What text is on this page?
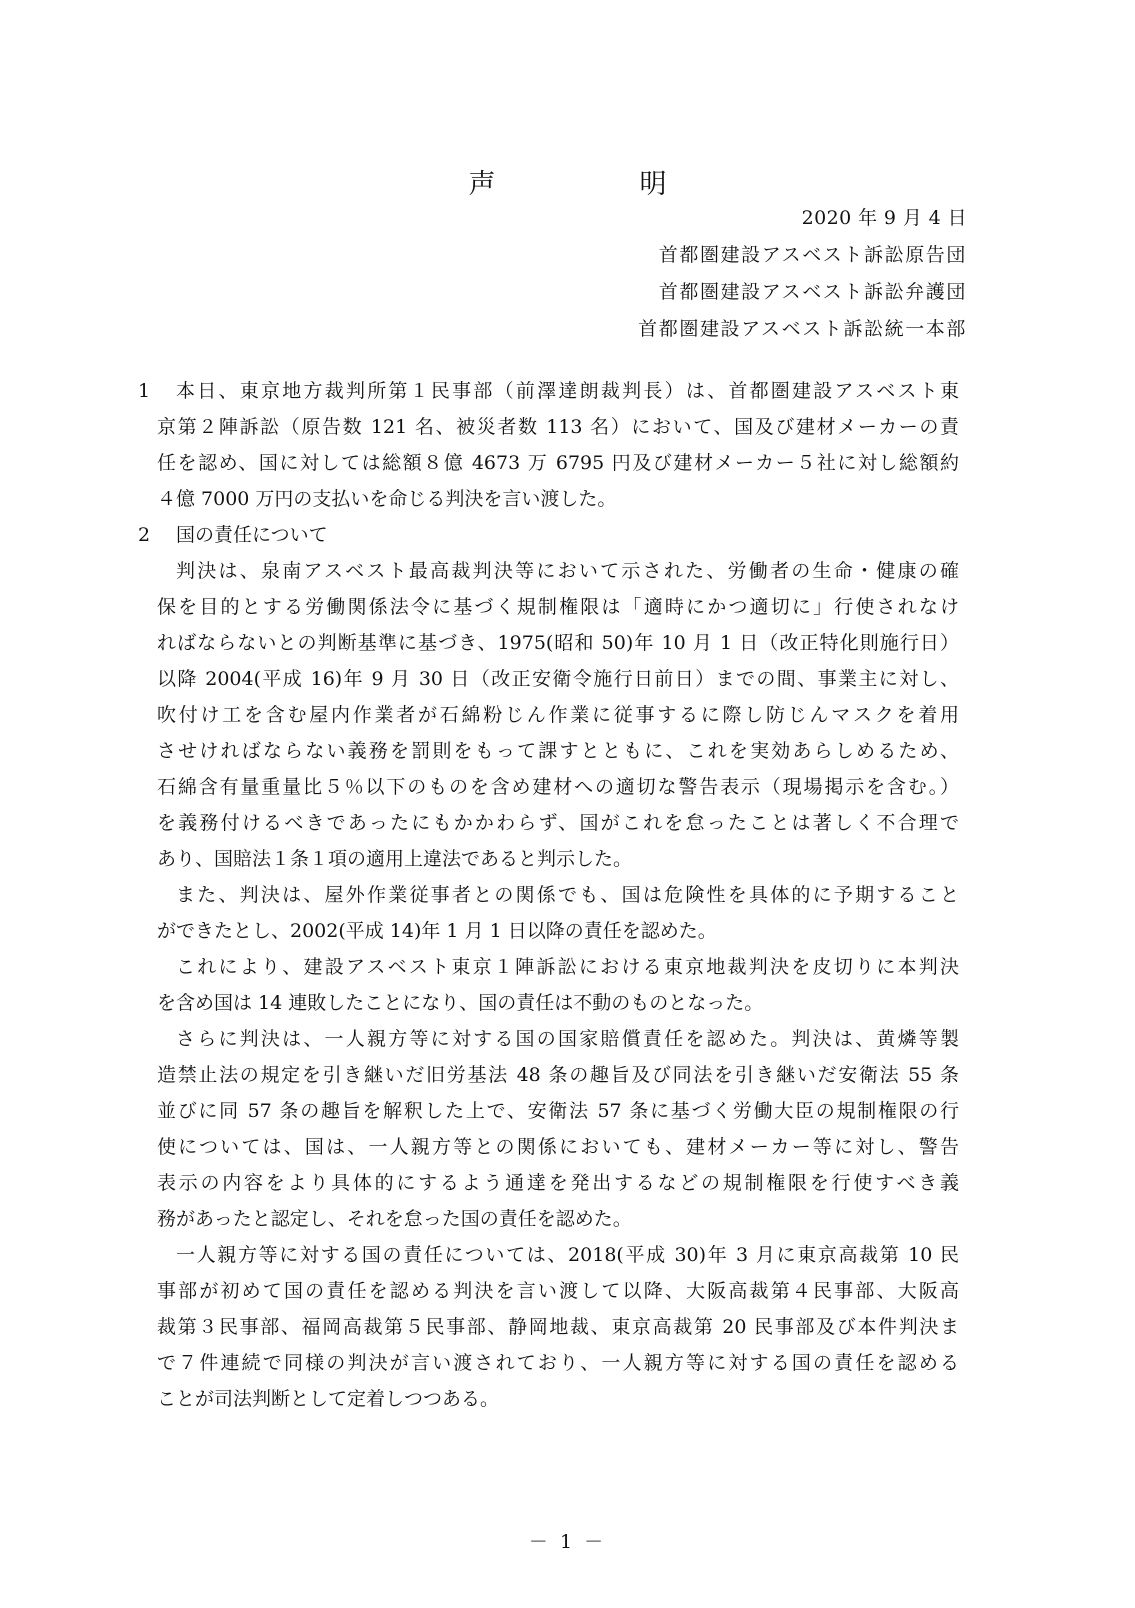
声	明
2020 年 9 月 4 日
首都圏建設アスベスト訴訟原告団
首都圏建設アスベスト訴訟弁護団
首都圏建設アスベスト訴訟統一本部
1 本日、東京地方裁判所第１民事部（前澤達朗裁判長）は、首都圏建設アスベスト東
京第２陣訴訟（原告数 121 名、被災者数 113 名）において、国及び建材メーカーの責
任を認め、国に対しては総額８億 4673 万 6795 円及び建材メーカー５社に対し総額約
４億 7000 万円の支払いを命じる判決を言い渡した。
2 国の責任について
判決は、泉南アスベスト最高裁判決等において示された、労働者の生命・健康の確
保を目的とする労働関係法令に基づく規制権限は「適時にかつ適切に」行使されなけ
ればならないとの判断基準に基づき、1975(昭和 50)年 10 月 1 日（改正特化則施行日）
以降 2004(平成 16)年 9 月 30 日（改正安衛令施行日前日）までの間、事業主に対し、
吹付け工を含む屋内作業者が石綿粉じん作業に従事するに際し防じんマスクを着用
させければならない義務を罰則をもって課すとともに、これを実効あらしめるため、
石綿含有量重量比５％以下のものを含め建材への適切な警告表示（現場掲示を含む。）
を義務付けるべきであったにもかかわらず、国がこれを怠ったことは著しく不合理で
あり、国賠法１条１項の適用上違法であると判示した。
また、判決は、屋外作業従事者との関係でも、国は危険性を具体的に予期すること
ができたとし、2002(平成 14)年 1 月 1 日以降の責任を認めた。
これにより、建設アスベスト東京１陣訴訟における東京地裁判決を皮切りに本判決
を含め国は 14 連敗したことになり、国の責任は不動のものとなった。
さらに判決は、一人親方等に対する国の国家賠償責任を認めた。判決は、黄燐等製
造禁止法の規定を引き継いだ旧労基法 48 条の趣旨及び同法を引き継いだ安衛法 55 条
並びに同 57 条の趣旨を解釈した上で、安衛法 57 条に基づく労働大臣の規制権限の行
使については、国は、一人親方等との関係においても、建材メーカー等に対し、警告
表示の内容をより具体的にするよう通達を発出するなどの規制権限を行使すべき義
務があったと認定し、それを怠った国の責任を認めた。
一人親方等に対する国の責任については、2018(平成 30)年 3 月に東京高裁第 10 民
事部が初めて国の責任を認める判決を言い渡して以降、大阪高裁第４民事部、大阪高
裁第３民事部、福岡高裁第５民事部、静岡地裁、東京高裁第 20 民事部及び本件判決ま
で７件連続で同様の判決が言い渡されており、一人親方等に対する国の責任を認める
ことが司法判断として定着しつつある。
－ 1 －
